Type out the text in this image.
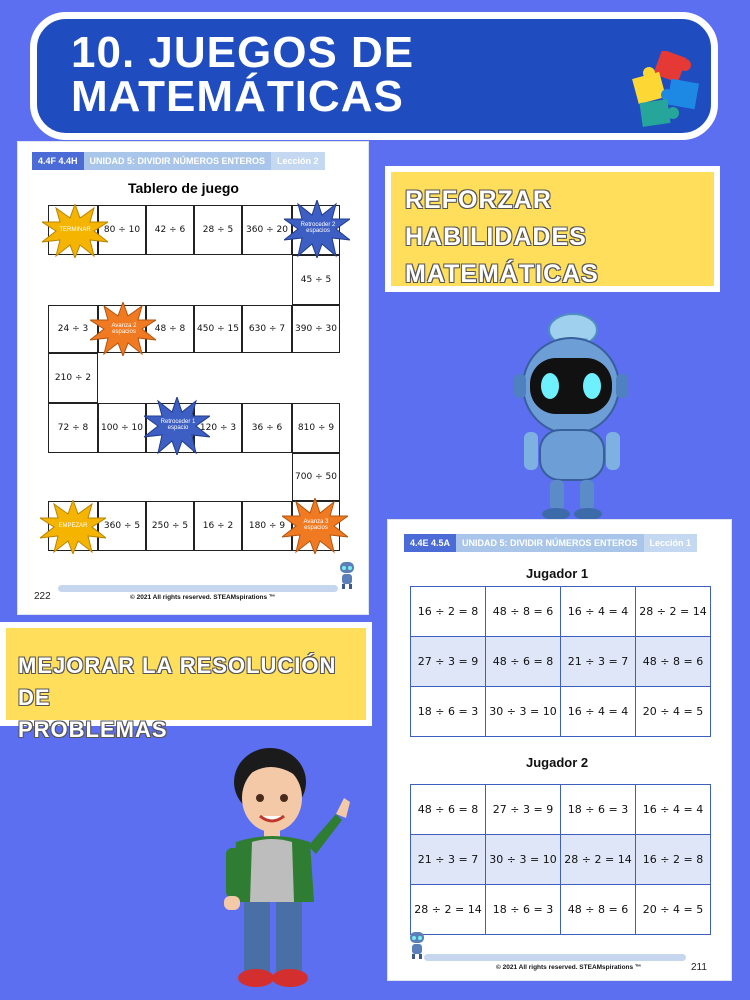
10. JUEGOS DE
MATEMÁTICAS
REFORZAR
HABILIDADES
MATEMÁTICAS
4.4F 4.4H	UNIDAD 5: DIVIDIR NÚMEROS ENTEROS	Lección 2
Tablero de juego
80 ÷ 10	42 ÷ 6	28 ÷ 5	360 ÷ 20
45 ÷ 5
24 ÷ 3	48 ÷ 8	450 ÷ 15	630 ÷ 7	390 ÷ 30
210 ÷ 2
72 ÷ 8	100 ÷ 10	120 ÷ 3	36 ÷ 6	810 ÷ 9
700 ÷ 50
360 ÷ 5	250 ÷ 5	16 ÷ 2	180 ÷ 9
TERMINAR
Retroceder 2 espacios
Avanza 2 espacios
Retroceder 1 espacio
EMPEZAR
Avanza 3 espacios
222	© 2021 All rights reserved. STEAMspirations ™
MEJORAR LA RESOLUCIÓN DE
PROBLEMAS
4.4E 4.5A	UNIDAD 5: DIVIDIR NÚMEROS ENTEROS	Lección 1
Jugador 1
16 ÷ 2 = 8	48 ÷ 8 = 6	16 ÷ 4 = 4	28 ÷ 2 = 14
27 ÷ 3 = 9	48 ÷ 6 = 8	21 ÷ 3 = 7	48 ÷ 8 = 6
18 ÷ 6 = 3	30 ÷ 3 = 10	16 ÷ 4 = 4	20 ÷ 4 = 5
Jugador 2
48 ÷ 6 = 8	27 ÷ 3 = 9	18 ÷ 6 = 3	16 ÷ 4 = 4
21 ÷ 3 = 7	30 ÷ 3 = 10	28 ÷ 2 = 14	16 ÷ 2 = 8
28 ÷ 2 = 14	18 ÷ 6 = 3	48 ÷ 8 = 6	20 ÷ 4 = 5
© 2021 All rights reserved. STEAMspirations ™	211
